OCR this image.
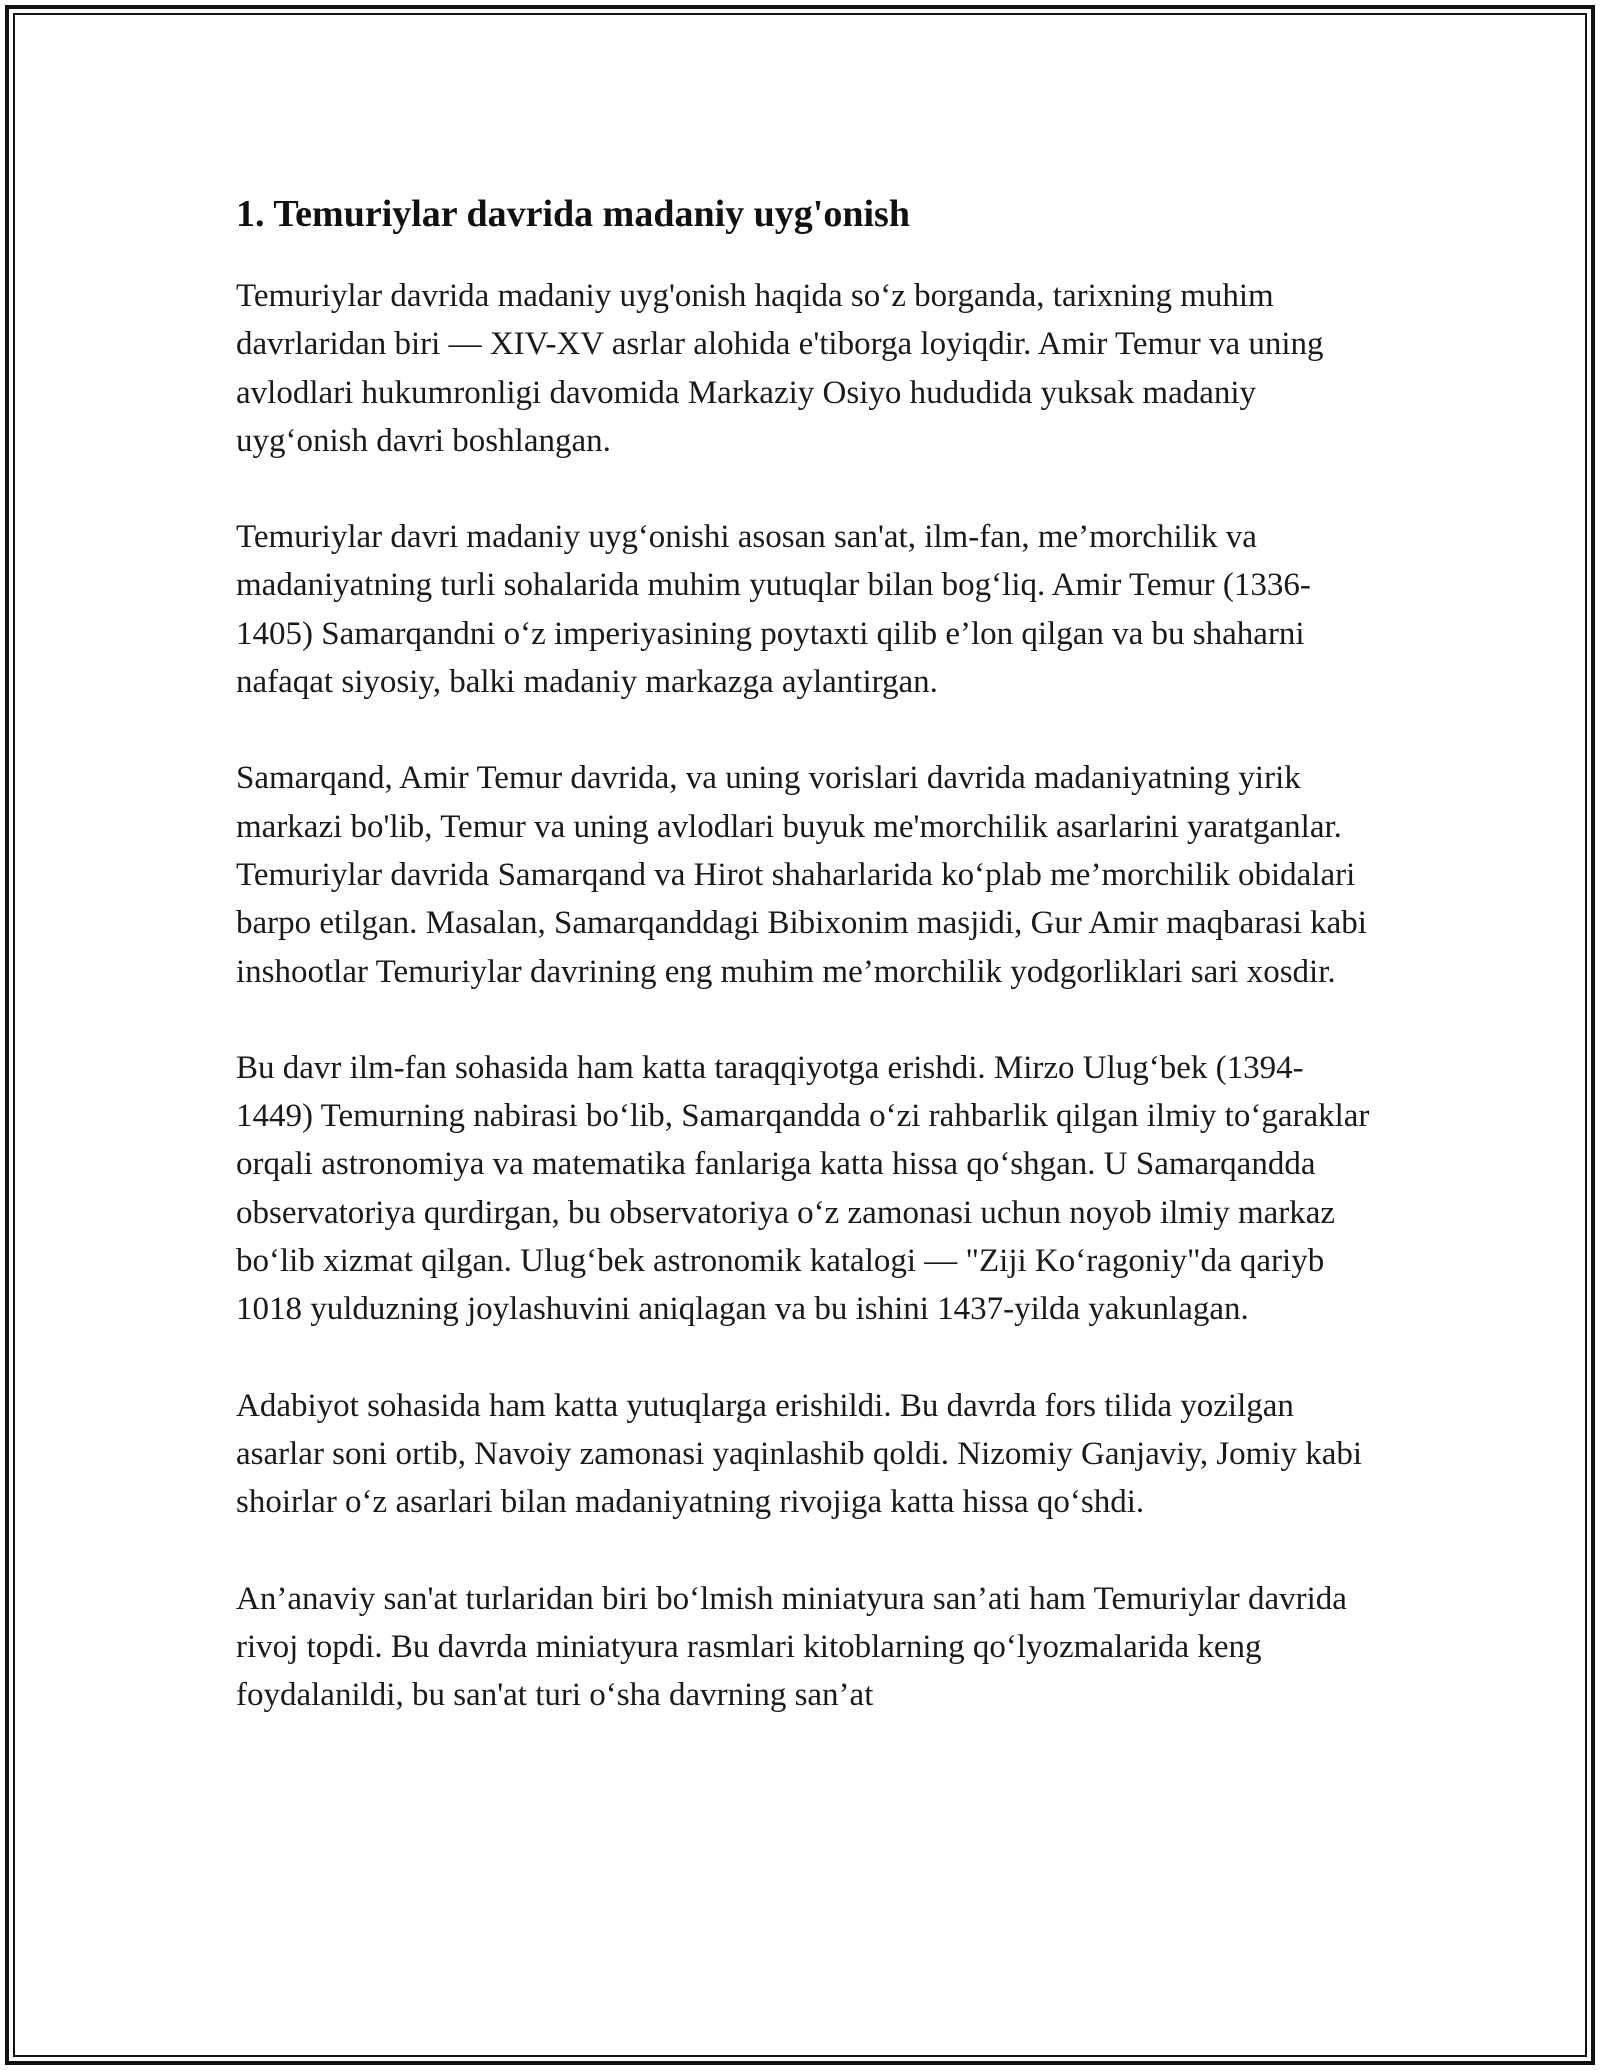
1. Temuriylar davrida madaniy uyg'onish

Temuriylar davrida madaniy uyg'onish haqida so‘z borganda, tarixning muhim davrlaridan biri — XIV-XV asrlar alohida e'tiborga loyiqdir. Amir Temur va uning avlodlari hukumronligi davomida Markaziy Osiyo hududida yuksak madaniy uyg‘onish davri boshlangan.

Temuriylar davri madaniy uyg‘onishi asosan san'at, ilm-fan, me’morchilik va madaniyatning turli sohalarida muhim yutuqlar bilan bog‘liq. Amir Temur (1336-1405) Samarqandni o‘z imperiyasining poytaxti qilib e’lon qilgan va bu shaharni nafaqat siyosiy, balki madaniy markazga aylantirgan.

Samarqand, Amir Temur davrida, va uning vorislari davrida madaniyatning yirik markazi bo'lib, Temur va uning avlodlari buyuk me'morchilik asarlarini yaratganlar. Temuriylar davrida Samarqand va Hirot shaharlarida ko‘plab me’morchilik obidalari barpo etilgan. Masalan, Samarqanddagi Bibixonim masjidi, Gur Amir maqbarasi kabi inshootlar Temuriylar davrining eng muhim me’morchilik yodgorliklari sari xosdir.

Bu davr ilm-fan sohasida ham katta taraqqiyotga erishdi. Mirzo Ulug‘bek (1394-1449) Temurning nabirasi bo‘lib, Samarqandda o‘zi rahbarlik qilgan ilmiy to‘garaklar orqali astronomiya va matematika fanlariga katta hissa qo‘shgan. U Samarqandda observatoriya qurdirgan, bu observatoriya o‘z zamonasi uchun noyob ilmiy markaz bo‘lib xizmat qilgan. Ulug‘bek astronomik katalogi — "Ziji Ko‘ragoniy"da qariyb 1018 yulduzning joylashuvini aniqlagan va bu ishini 1437-yilda yakunlagan.

Adabiyot sohasida ham katta yutuqlarga erishildi. Bu davrda fors tilida yozilgan asarlar soni ortib, Navoiy zamonasi yaqinlashib qoldi. Nizomiy Ganjaviy, Jomiy kabi shoirlar o‘z asarlari bilan madaniyatning rivojiga katta hissa qo‘shdi.

An’anaviy san'at turlaridan biri bo‘lmish miniatyura san’ati ham Temuriylar davrida rivoj topdi. Bu davrda miniatyura rasmlari kitoblarning qo‘lyozmalarida keng foydalanildi, bu san'at turi o‘sha davrning san’at
